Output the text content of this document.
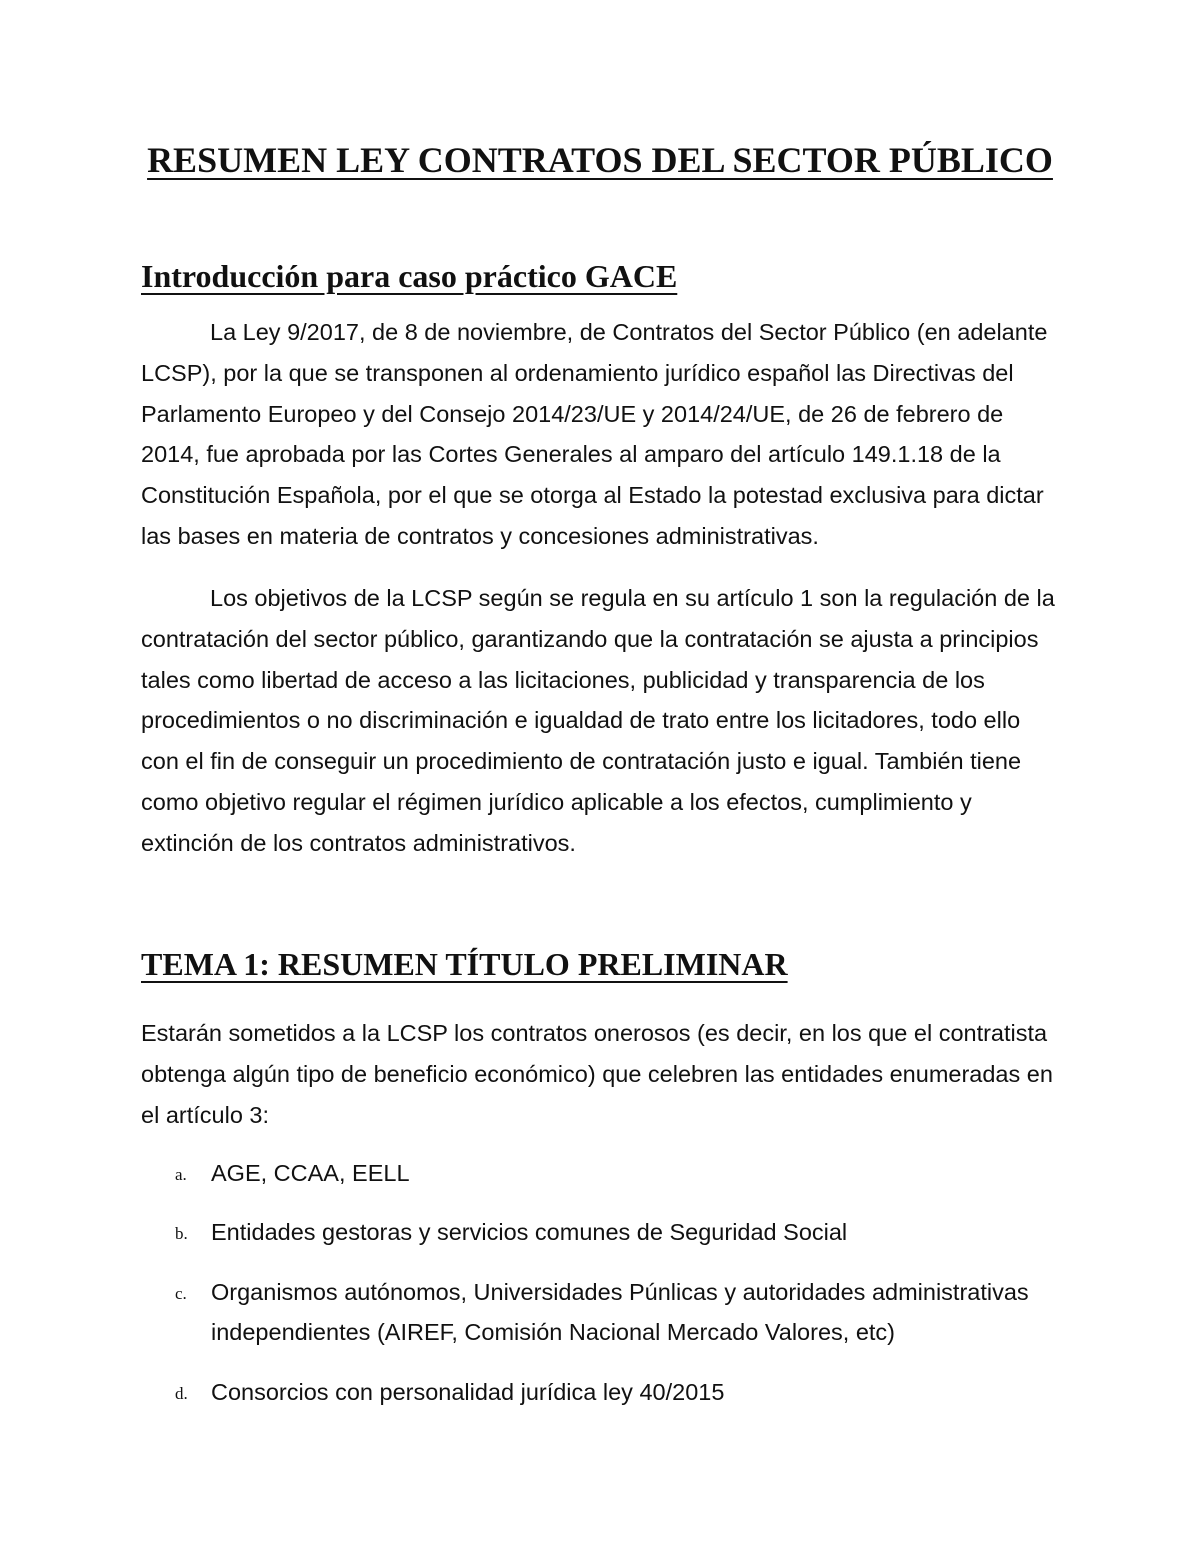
RESUMEN LEY CONTRATOS DEL SECTOR PÚBLICO
Introducción para caso práctico GACE

La Ley 9/2017, de 8 de noviembre, de Contratos del Sector Público (en adelante LCSP), por la que se transponen al ordenamiento jurídico español las Directivas del Parlamento Europeo y del Consejo 2014/23/UE y 2014/24/UE, de 26 de febrero de 2014, fue aprobada por las Cortes Generales al amparo del artículo 149.1.18 de la Constitución Española, por el que se otorga al Estado la potestad exclusiva para dictar las bases en materia de contratos y concesiones administrativas.

Los objetivos de la LCSP según se regula en su artículo 1 son la regulación de la contratación del sector público, garantizando que la contratación se ajusta a principios tales como libertad de acceso a las licitaciones, publicidad y transparencia de los procedimientos o no discriminación e igualdad de trato entre los licitadores, todo ello con el fin de conseguir un procedimiento de contratación justo e igual. También tiene como objetivo regular el régimen jurídico aplicable a los efectos, cumplimiento y extinción de los contratos administrativos.

TEMA 1: RESUMEN TÍTULO PRELIMINAR

Estarán sometidos a la LCSP los contratos onerosos (es decir, en los que el contratista obtenga algún tipo de beneficio económico) que celebren las entidades enumeradas en el artículo 3:

a. AGE, CCAA, EELL
b. Entidades gestoras y servicios comunes de Seguridad Social
c. Organismos autónomos, Universidades Púnlicas y autoridades administrativas independientes (AIREF, Comisión Nacional Mercado Valores, etc)
d. Consorcios con personalidad jurídica ley 40/2015
